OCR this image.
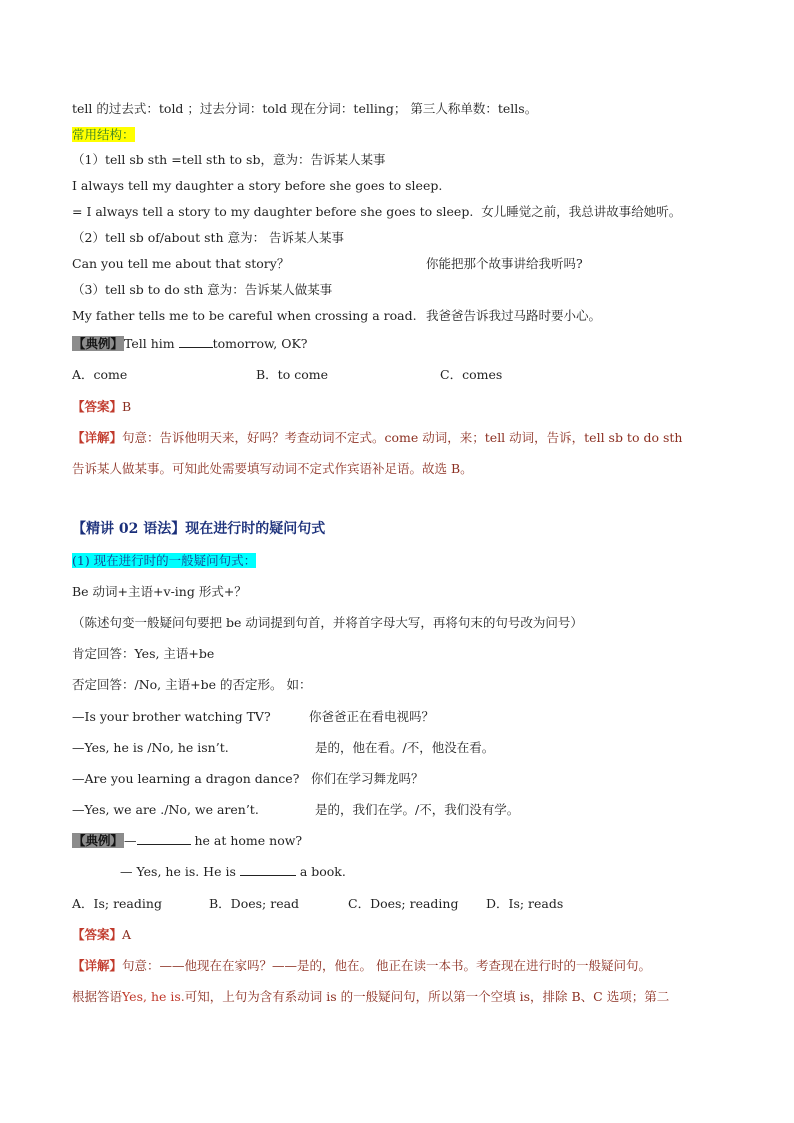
tell 的过去式：told ；过去分词：told 现在分词：telling； 第三人称单数：tells。
常用结构：
（1）tell sb sth =tell sth to sb，意为：告诉某人某事
I always tell my daughter a story before she goes to sleep.
= I always tell a story to my daughter before she goes to sleep. 女儿睡觉之前，我总讲故事给她听。
（2）tell sb of/about sth 意为： 告诉某人某事
Can you tell me about that story？	你能把那个故事讲给我听吗?
（3）tell sb to do sth 意为：告诉某人做某事
My father tells me to be careful when crossing a road. 我爸爸告诉我过马路时要小心。
【典例】Tell him	tomorrow, OK?
A．come	B．to come	C．comes
【答案】B
【详解】句意：告诉他明天来，好吗？考查动词不定式。come 动词，来；tell 动词，告诉，tell sb to do sth
告诉某人做某事。可知此处需要填写动词不定式作宾语补足语。故选 B。
【精讲 02 语法】现在进行时的疑问句式
(1) 现在进行时的一般疑问句式：
Be 动词+主语+v-ing 形式+？
（陈述句变一般疑问句要把 be 动词提到句首，并将首字母大写，再将句末的句号改为问号）
肯定回答：Yes, 主语+be
否定回答：/No, 主语+be 的否定形。 如：
—Is your brother watching TV?	你爸爸正在看电视吗？
—Yes, he is /No, he isn’t.	是的，他在看。/不，他没在看。
—Are you learning a dragon dance? 你们在学习舞龙吗？
—Yes, we are ./No, we aren’t.	是的，我们在学。/不，我们没有学。
【典例】—	he at home now?
— Yes, he is. He is	a book.
A．Is; reading	B．Does; read	C．Does; reading D．Is; reads
【答案】A
【详解】句意：——他现在在家吗？——是的，他在。 他正在读一本书。考查现在进行时的一般疑问句。
根据答语Yes, he is.可知，上句为含有系动词 is 的一般疑问句，所以第一个空填 is，排除 B、C 选项；第二
